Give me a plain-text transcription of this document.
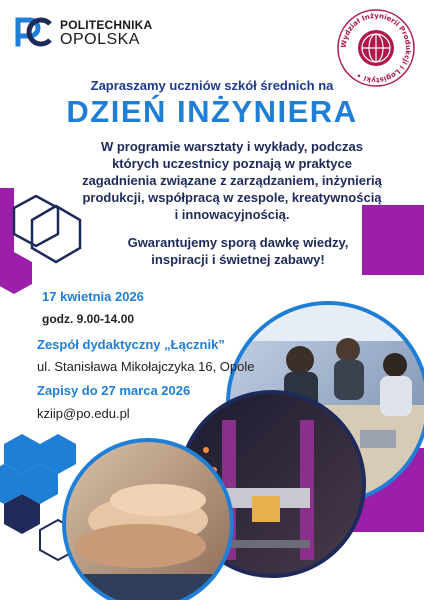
POLITECHNIKA
OPOLSKA	Wydział Inżynierii Produkcji i Logistyki •
Zapraszamy uczniów szkół średnich na
DZIEŃ INŻYNIERA
W programie warsztaty i wykłady, podczas
których uczestnicy poznają w praktyce
zagadnienia związane z zarządzaniem, inżynierią
produkcji, współpracą w zespole, kreatywnością
i innowacyjnością.
Gwarantujemy sporą dawkę wiedzy,
inspiracji i świetnej zabawy!
17 kwietnia 2026
godz. 9.00-14.00
Zespół dydaktyczny „Łącznik”
ul. Stanisława Mikołajczyka 16, Opole
Zapisy do 27 marca 2026
kziip@po.edu.pl
